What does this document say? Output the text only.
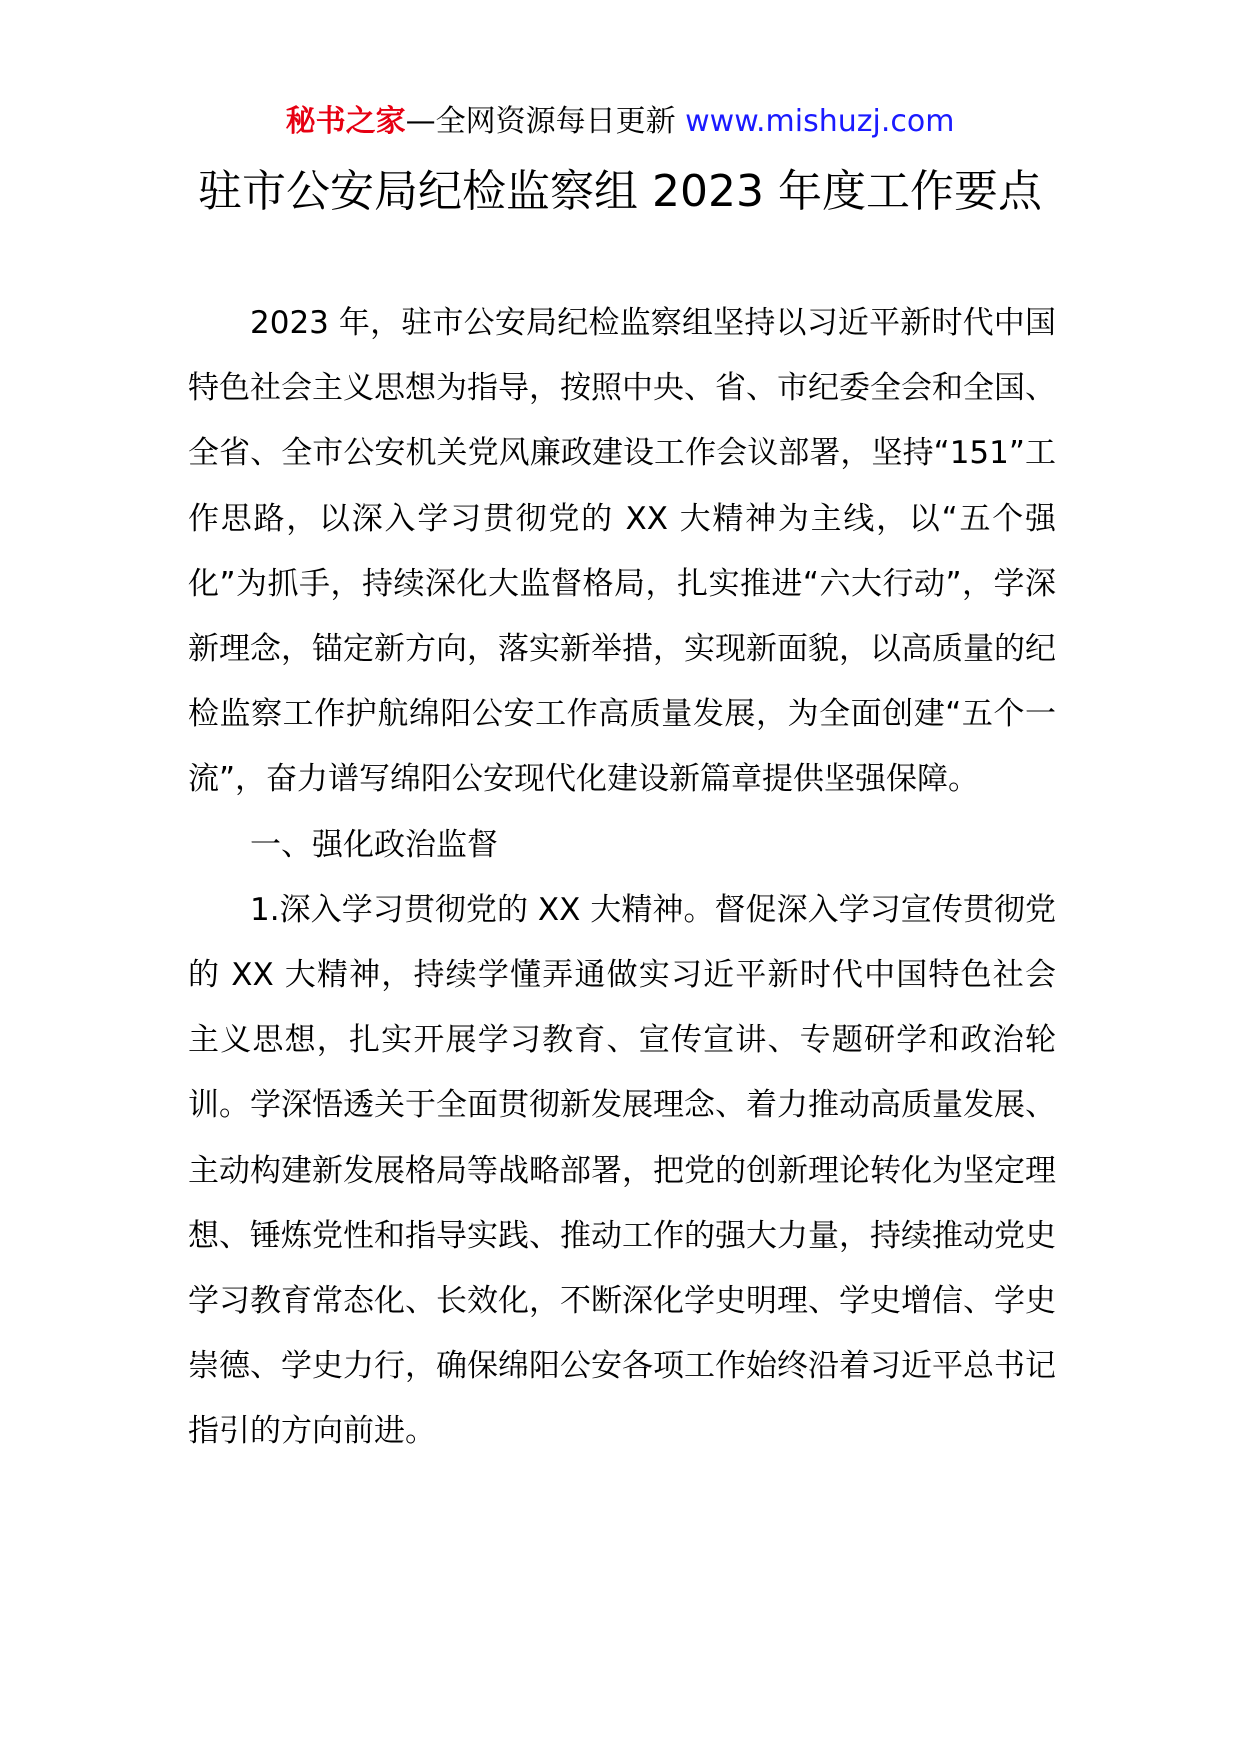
秘书之家—全网资源每日更新 www.mishuzj.com
驻市公安局纪检监察组 2023 年度工作要点

2023 年，驻市公安局纪检监察组坚持以习近平新时代中国特色社会主义思想为指导，按照中央、省、市纪委全会和全国、全省、全市公安机关党风廉政建设工作会议部署，坚持“151”工作思路，以深入学习贯彻党的 XX 大精神为主线，以“五个强化”为抓手，持续深化大监督格局，扎实推进“六大行动”，学深新理念，锚定新方向，落实新举措，实现新面貌，以高质量的纪检监察工作护航绵阳公安工作高质量发展，为全面创建“五个一流”，奋力谱写绵阳公安现代化建设新篇章提供坚强保障。

一、强化政治监督

1.深入学习贯彻党的 XX 大精神。督促深入学习宣传贯彻党的 XX 大精神，持续学懂弄通做实习近平新时代中国特色社会主义思想，扎实开展学习教育、宣传宣讲、专题研学和政治轮训。学深悟透关于全面贯彻新发展理念、着力推动高质量发展、主动构建新发展格局等战略部署，把党的创新理论转化为坚定理想、锤炼党性和指导实践、推动工作的强大力量，持续推动党史学习教育常态化、长效化，不断深化学史明理、学史增信、学史崇德、学史力行，确保绵阳公安各项工作始终沿着习近平总书记指引的方向前进。
